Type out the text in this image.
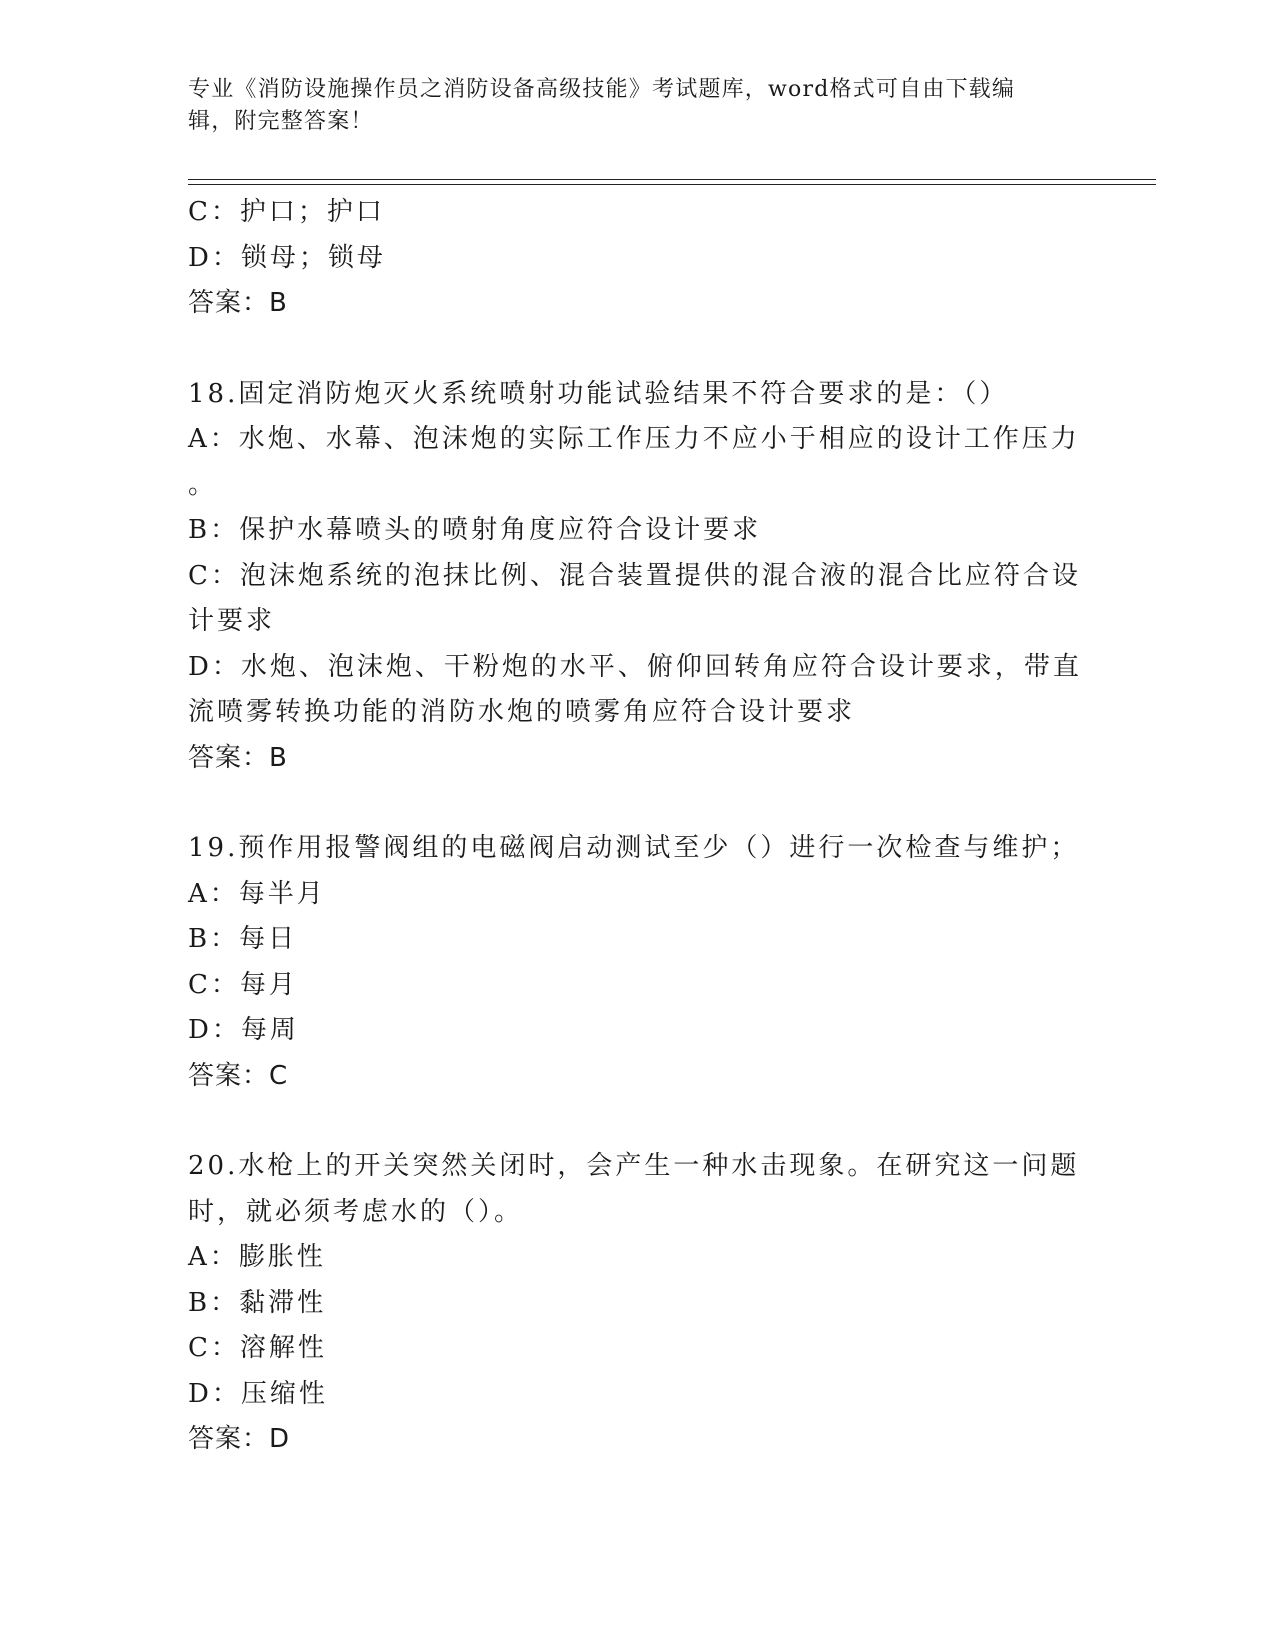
专业《消防设施操作员之消防设备高级技能》考试题库，word格式可自由下载编
辑，附完整答案！
C：护口；护口
D：锁母；锁母
答案：B
18.固定消防炮灭火系统喷射功能试验结果不符合要求的是：（）
A：水炮、水幕、泡沫炮的实际工作压力不应小于相应的设计工作压力
。
B：保护水幕喷头的喷射角度应符合设计要求
C：泡沫炮系统的泡抹比例、混合装置提供的混合液的混合比应符合设
计要求
D：水炮、泡沫炮、干粉炮的水平、俯仰回转角应符合设计要求，带直
流喷雾转换功能的消防水炮的喷雾角应符合设计要求
答案：B
19.预作用报警阀组的电磁阀启动测试至少（）进行一次检查与维护；
A：每半月
B：每日
C：每月
D：每周
答案：C
20.水枪上的开关突然关闭时，会产生一种水击现象。在研究这一问题
时，就必须考虑水的（）。
A：膨胀性
B：黏滞性
C：溶解性
D：压缩性
答案：D
